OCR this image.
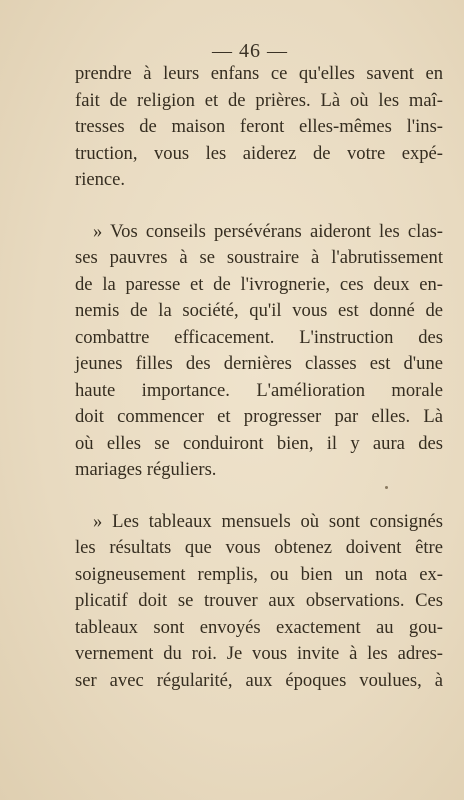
— 46 —
prendre à leurs enfans ce qu'elles savent en
fait de religion et de prières. Là où les maî-
tresses de maison feront elles-mêmes l'ins-
truction, vous les aiderez de votre expé-
rience.
» Vos conseils persévérans aideront les clas-
ses pauvres à se soustraire à l'abrutissement
de la paresse et de l'ivrognerie, ces deux en-
nemis de la société, qu'il vous est donné de
combattre efficacement. L'instruction des
jeunes filles des dernières classes est d'une
haute importance. L'amélioration morale
doit commencer et progresser par elles. Là
où elles se conduiront bien, il y aura des
mariages réguliers.
» Les tableaux mensuels où sont consignés
les résultats que vous obtenez doivent être
soigneusement remplis, ou bien un nota ex-
plicatif doit se trouver aux observations. Ces
tableaux sont envoyés exactement au gou-
vernement du roi. Je vous invite à les adres-
ser avec régularité, aux époques voulues, à
